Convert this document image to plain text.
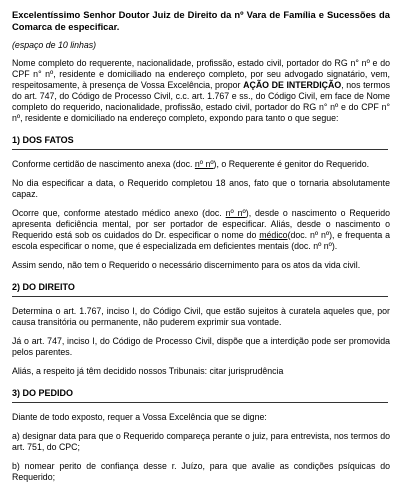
Excelentíssimo Senhor Doutor Juiz de Direito da nº Vara de Família e Sucessões da Comarca de especificar.
(espaço de 10 linhas)

Nome completo do requerente, nacionalidade, profissão, estado civil, portador do RG n° nº e do CPF n° nº, residente e domiciliado na endereço completo, por seu advogado signatário, vem, respeitosamente, à presença de Vossa Excelência, propor AÇÃO DE INTERDIÇÃO, nos termos do art. 747, do Código de Processo Civil, c.c. art. 1.767 e ss., do Código Civil, em face de Nome completo do requerido, nacionalidade, profissão, estado civil, portador do RG n° nº e do CPF n° nº, residente e domiciliado na endereço completo, expondo para tanto o que segue:

1) DOS FATOS

Conforme certidão de nascimento anexa (doc. nº nº), o Requerente é genitor do Requerido.

No dia especificar a data, o Requerido completou 18 anos, fato que o tornaria absolutamente capaz.

Ocorre que, conforme atestado médico anexo (doc. nº nº), desde o nascimento o Requerido apresenta deficiência mental, por ser portador de especificar. Aliás, desde o nascimento o Requerido está sob os cuidados do Dr. especificar o nome do médico(doc. nº nº), e frequenta a escola especificar o nome, que é especializada em deficientes mentais (doc. nº nº).

Assim sendo, não tem o Requerido o necessário discernimento para os atos da vida civil.

2) DO DIREITO

Determina o art. 1.767, inciso I, do Código Civil, que estão sujeitos à curatela aqueles que, por causa transitória ou permanente, não puderem exprimir sua vontade.

Já o art. 747, inciso I, do Código de Processo Civil, dispõe que a interdição pode ser promovida pelos parentes.

Aliás, a respeito já têm decidido nossos Tribunais: citar jurisprudência

3) DO PEDIDO

Diante de todo exposto, requer a Vossa Excelência que se digne:

a) designar data para que o Requerido compareça perante o juiz, para entrevista, nos termos do art. 751, do CPC;

b) nomear perito de confiança desse r. Juízo, para que avalie as condições psíquicas do Requerido;
